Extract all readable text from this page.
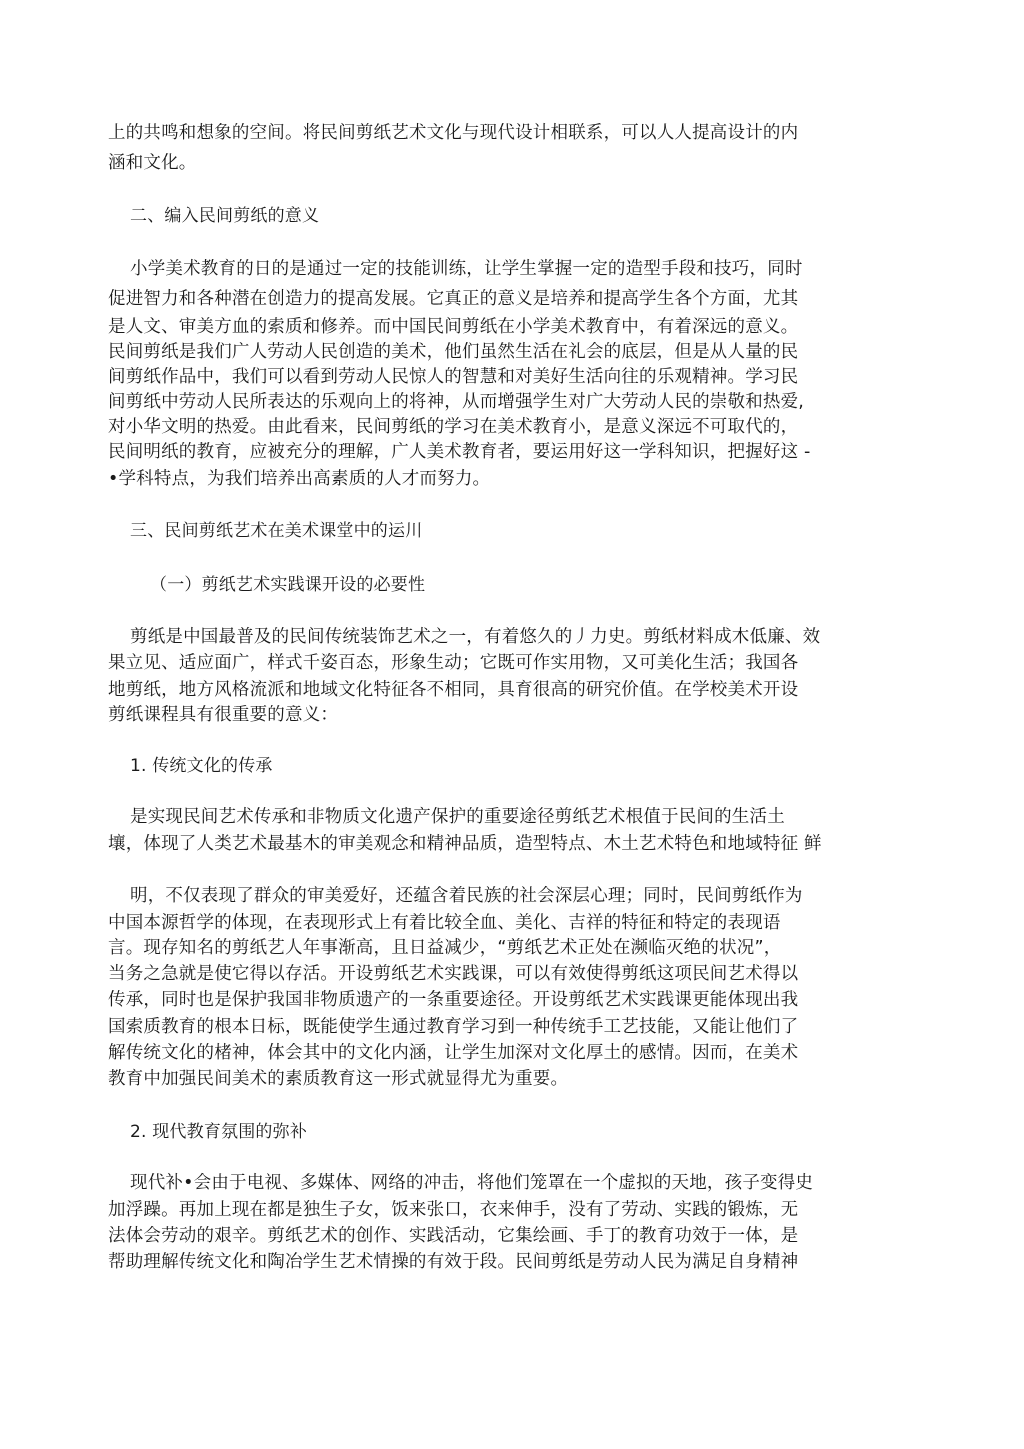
上的共鸣和想象的空间。将民间剪纸艺术文化与现代设计相联系，可以人人提高设计的内
涵和文化。
二、编入民间剪纸的意义
小学美术教育的日的是通过一定的技能训练，让学生掌握一定的造型手段和技巧，同时
促进智力和各种潜在创造力的提高发展。它真正的意义是培养和提高学生各个方面，尤其
是人文、审美方血的索质和修养。而中国民间剪纸在小学美术教育中，有着深远的意义。
民间剪纸是我们广人劳动人民创造的美术，他们虽然生活在礼会的底层，但是从人量的民
间剪纸作品中，我们可以看到劳动人民惊人的智慧和对美好生活向往的乐观精神。学习民
间剪纸中劳动人民所表达的乐观向上的将神，从而增强学生对广大劳动人民的崇敬和热爱,
对小华文明的热爱。由此看来，民间剪纸的学习在美术教育小，是意义深远不可取代的，
民间明纸的教育，应被充分的理解，广人美术教育者，要运用好这一学科知识，把握好这 -
•学科特点，为我们培养出高素质的人才而努力。
三、民间剪纸艺术在美术课堂中的运川
（一）剪纸艺术实践课开设的必要性
剪纸是中国最普及的民间传统装饰艺术之一，有着悠久的丿力史。剪纸材料成木低廉、效
果立见、适应面广，样式千姿百态，形象生动；它既可作实用物，又可美化生活；我国各
地剪纸，地方风格流派和地域文化特征各不相同，具育很高的研究价值。在学校美术开设
剪纸课程具有很重要的意义：
1. 传统文化的传承
是实现民间艺术传承和非物质文化遗产保护的重要途径剪纸艺术根值于民间的生活土
壤，体现了人类艺术最基木的审美观念和精神品质，造型特点、木土艺术特色和地域特征 鲜
明，不仅表现了群众的审美爱好，还蕴含着民族的社会深层心理；同时，民间剪纸作为
中国本源哲学的体现，在表现形式上有着比较全血、美化、吉祥的特征和特定的表现语
言。现存知名的剪纸艺人年事渐高，且日益减少，“剪纸艺术正处在濒临灭绝的状况”，
当务之急就是使它得以存活。开设剪纸艺术实践课，可以有效使得剪纸这项民间艺术得以
传承，同时也是保护我国非物质遗产的一条重要途径。开设剪纸艺术实践课更能体现出我
国索质教育的根本日标，既能使学生通过教育学习到一种传统手工艺技能，又能让他们了
解传统文化的楮神，体会其中的文化内涵，让学生加深对文化厚土的感情。因而，在美术
教育中加强民间美术的素质教育这一形式就显得尤为重要。
2. 现代教育氛围的弥补
现代补•会由于电视、多媒体、网络的冲击，将他们笼罩在一个虚拟的天地，孩子变得史
加浮躁。再加上现在都是独生子女，饭来张口，衣来伸手，没有了劳动、实践的锻炼，无
法体会劳动的艰辛。剪纸艺术的创作、实践活动，它集绘画、手丁的教育功效于一体，是
帮助理解传统文化和陶冶学生艺术情操的有效于段。民间剪纸是劳动人民为满足自身精神
